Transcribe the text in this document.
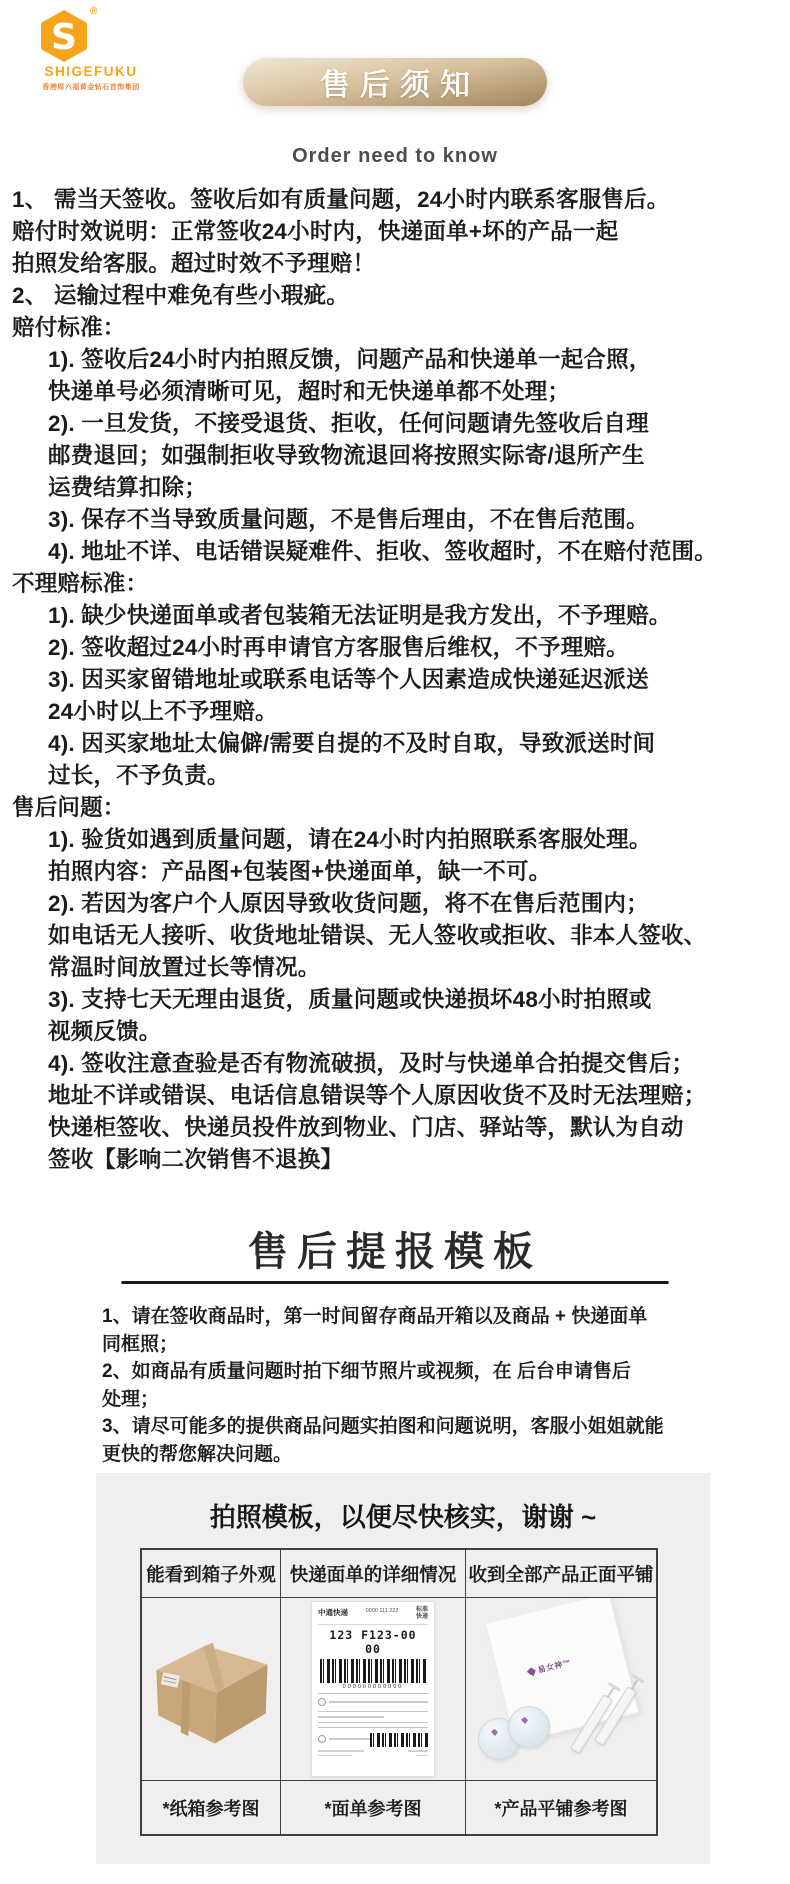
S
®
SHIGEFUKU
香港周六福黄金钻石首饰集团	售后须知
Order need to know
1、 需当天签收。签收后如有质量问题，24小时内联系客服售后。
赔付时效说明：正常签收24小时内，快递面单+坏的产品一起
拍照发给客服。超过时效不予理赔！
2、 运输过程中难免有些小瑕疵。
赔付标准：
1). 签收后24小时内拍照反馈，问题产品和快递单一起合照，
快递单号必须清晰可见，超时和无快递单都不处理；
2). 一旦发货，不接受退货、拒收，任何问题请先签收后自理
邮费退回；如强制拒收导致物流退回将按照实际寄/退所产生
运费结算扣除；
3). 保存不当导致质量问题，不是售后理由，不在售后范围。
4). 地址不详、电话错误疑难件、拒收、签收超时，不在赔付范围。
不理赔标准：
1). 缺少快递面单或者包装箱无法证明是我方发出，不予理赔。
2). 签收超过24小时再申请官方客服售后维权，不予理赔。
3). 因买家留错地址或联系电话等个人因素造成快递延迟派送
24小时以上不予理赔。
4). 因买家地址太偏僻/需要自提的不及时自取，导致派送时间
过长，不予负责。
售后问题：
1). 验货如遇到质量问题，请在24小时内拍照联系客服处理。
拍照内容：产品图+包装图+快递面单，缺一不可。
2). 若因为客户个人原因导致收货问题，将不在售后范围内；
如电话无人接听、收货地址错误、无人签收或拒收、非本人签收、
常温时间放置过长等情况。
3). 支持七天无理由退货，质量问题或快递损坏48小时拍照或
视频反馈。
4). 签收注意查验是否有物流破损，及时与快递单合拍提交售后；
地址不详或错误、电话信息错误等个人原因收货不及时无法理赔；
快递柜签收、快递员投件放到物业、门店、驿站等，默认为自动
签收【影响二次销售不退换】
售后提报模板
1、请在签收商品时，第一时间留存商品开箱以及商品 + 快递面单
同框照；
2、如商品有质量问题时拍下细节照片或视频，在 后台申请售后
处理；
3、请尽可能多的提供商品问题实拍图和问题说明，客服小姐姐就能
更快的帮您解决问题。
拍照模板，以便尽快核实，谢谢 ~
能看到箱子外观 快递面单的详细情况 收到全部产品正面平铺
中通快递	0000 111 222	标准
快递
123 F123-00 00
000000000000
易女神™
*纸箱参考图	*面单参考图	*产品平铺参考图
